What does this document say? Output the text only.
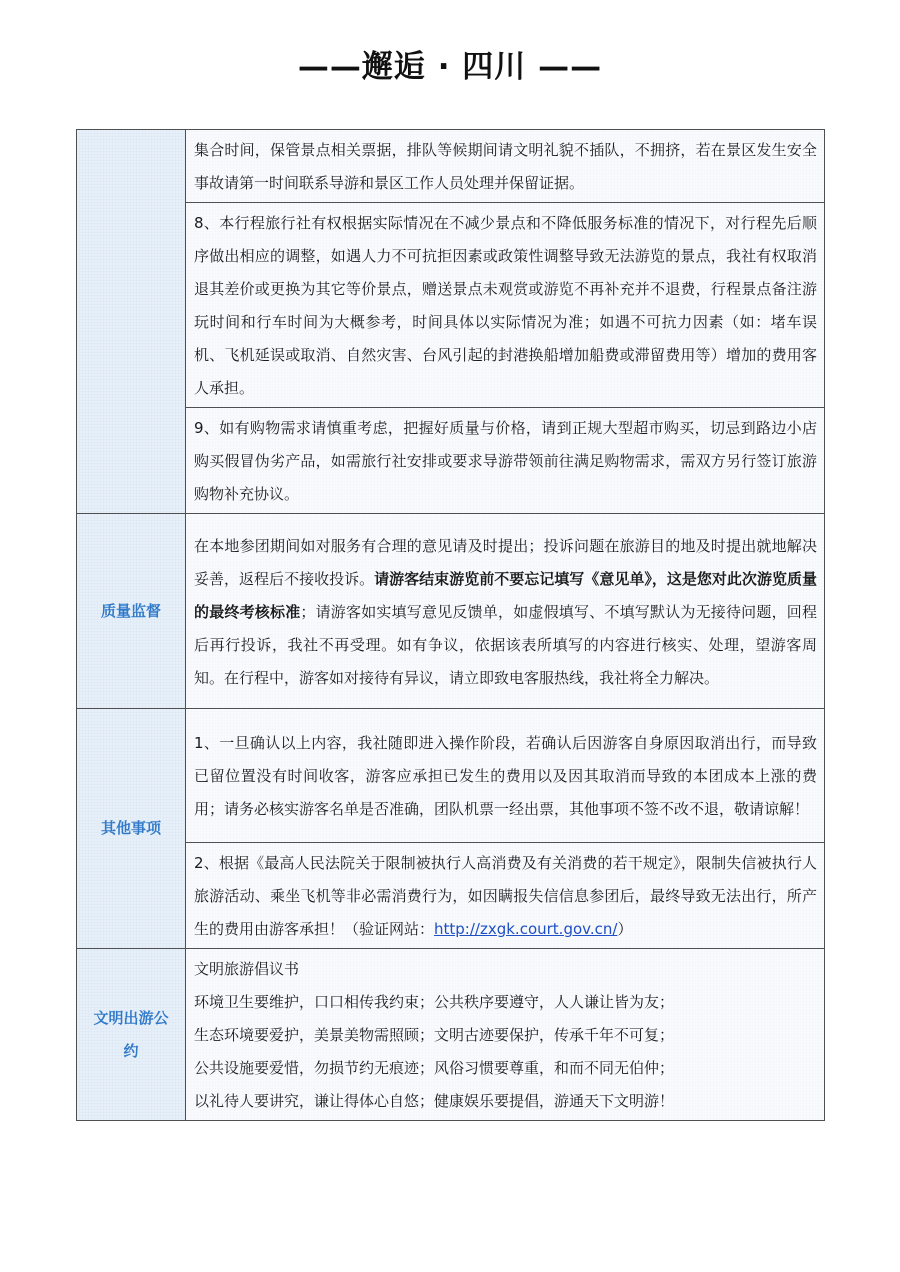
——邂逅 · 四川 ——

	集合时间，保管景点相关票据，排队等候期间请文明礼貌不插队，不拥挤，若在景区发生安全事故请第一时间联系导游和景区工作人员处理并保留证据。

	8、本行程旅行社有权根据实际情况在不减少景点和不降低服务标准的情况下，对行程先后顺序做出相应的调整，如遇人力不可抗拒因素或政策性调整导致无法游览的景点，我社有权取消退其差价或更换为其它等价景点，赠送景点未观赏或游览不再补充并不退费，行程景点备注游玩时间和行车时间为大概参考，时间具体以实际情况为准；如遇不可抗力因素（如：堵车误机、飞机延误或取消、自然灾害、台风引起的封港换船增加船费或滞留费用等）增加的费用客人承担。

	9、如有购物需求请慎重考虑，把握好质量与价格，请到正规大型超市购买，切忌到路边小店购买假冒伪劣产品，如需旅行社安排或要求导游带领前往满足购物需求，需双方另行签订旅游购物补充协议。

质量监督	在本地参团期间如对服务有合理的意见请及时提出；投诉问题在旅游目的地及时提出就地解决妥善，返程后不接收投诉。请游客结束游览前不要忘记填写《意见单》，这是您对此次游览质量的最终考核标准；请游客如实填写意见反馈单，如虚假填写、不填写默认为无接待问题，回程后再行投诉，我社不再受理。如有争议，依据该表所填写的内容进行核实、处理，望游客周知。在行程中，游客如对接待有异议，请立即致电客服热线，我社将全力解决。

其他事项	1、一旦确认以上内容，我社随即进入操作阶段，若确认后因游客自身原因取消出行，而导致已留位置没有时间收客，游客应承担已发生的费用以及因其取消而导致的本团成本上涨的费用；请务必核实游客名单是否准确，团队机票一经出票，其他事项不签不改不退，敬请谅解！

	2、根据《最高人民法院关于限制被执行人高消费及有关消费的若干规定》，限制失信被执行人旅游活动、乘坐飞机等非必需消费行为，如因瞒报失信信息参团后，最终导致无法出行，所产生的费用由游客承担！（验证网站：http://zxgk.court.gov.cn/）

文明出游公约	文明旅游倡议书
环境卫生要维护，口口相传我约束；公共秩序要遵守，人人谦让皆为友；
生态环境要爱护，美景美物需照顾；文明古迹要保护，传承千年不可复；
公共设施要爱惜，勿损节约无痕迹；风俗习惯要尊重，和而不同无伯仲；
以礼待人要讲究，谦让得体心自悠；健康娱乐要提倡，游通天下文明游！
